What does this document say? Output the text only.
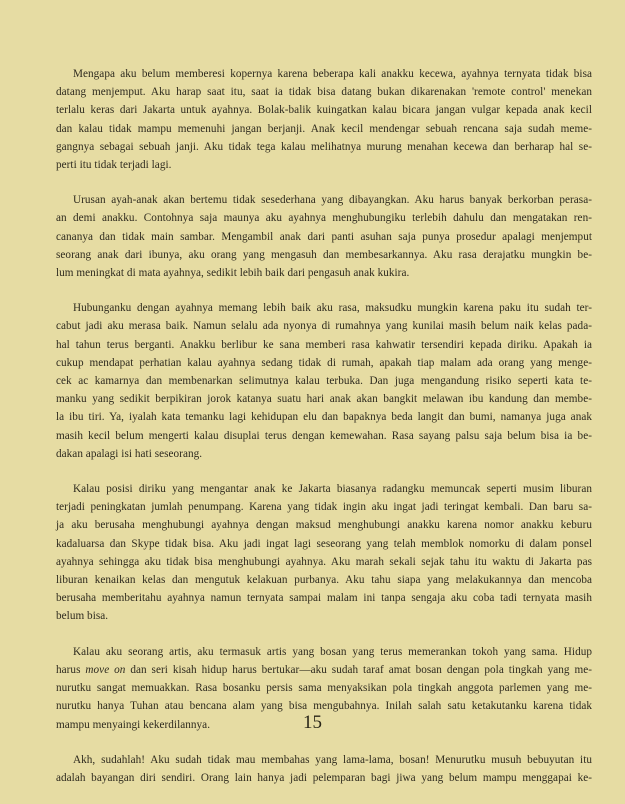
Mengapa aku belum memberesi kopernya karena beberapa kali anakku kecewa, ayahnya ternyata tidak bisa
datang menjemput. Aku harap saat itu, saat ia tidak bisa datang bukan dikarenakan 'remote control' menekan
terlalu keras dari Jakarta untuk ayahnya. Bolak-balik kuingatkan kalau bicara jangan vulgar kepada anak kecil
dan kalau tidak mampu memenuhi jangan berjanji. Anak kecil mendengar sebuah rencana saja sudah meme-
gangnya sebagai sebuah janji. Aku tidak tega kalau melihatnya murung menahan kecewa dan berharap hal se-
perti itu tidak terjadi lagi.

Urusan ayah-anak akan bertemu tidak sesederhana yang dibayangkan. Aku harus banyak berkorban perasa-
an demi anakku. Contohnya saja maunya aku ayahnya menghubungiku terlebih dahulu dan mengatakan ren-
cananya dan tidak main sambar. Mengambil anak dari panti asuhan saja punya prosedur apalagi menjemput
seorang anak dari ibunya, aku orang yang mengasuh dan membesarkannya. Aku rasa derajatku mungkin be-
lum meningkat di mata ayahnya, sedikit lebih baik dari pengasuh anak kukira.

Hubunganku dengan ayahnya memang lebih baik aku rasa, maksudku mungkin karena paku itu sudah ter-
cabut jadi aku merasa baik. Namun selalu ada nyonya di rumahnya yang kunilai masih belum naik kelas pada-
hal tahun terus berganti. Anakku berlibur ke sana memberi rasa kahwatir tersendiri kepada diriku. Apakah ia
cukup mendapat perhatian kalau ayahnya sedang tidak di rumah, apakah tiap malam ada orang yang menge-
cek ac kamarnya dan membenarkan selimutnya kalau terbuka. Dan juga mengandung risiko seperti kata te-
manku yang sedikit berpikiran jorok katanya suatu hari anak akan bangkit melawan ibu kandung dan membe-
la ibu tiri. Ya, iyalah kata temanku lagi kehidupan elu dan bapaknya beda langit dan bumi, namanya juga anak
masih kecil belum mengerti kalau disuplai terus dengan kemewahan. Rasa sayang palsu saja belum bisa ia be-
dakan apalagi isi hati seseorang.

Kalau posisi diriku yang mengantar anak ke Jakarta biasanya radangku memuncak seperti musim liburan
terjadi peningkatan jumlah penumpang. Karena yang tidak ingin aku ingat jadi teringat kembali. Dan baru sa-
ja aku berusaha menghubungi ayahnya dengan maksud menghubungi anakku karena nomor anakku keburu
kadaluarsa dan Skype tidak bisa. Aku jadi ingat lagi seseorang yang telah memblok nomorku di dalam ponsel
ayahnya sehingga aku tidak bisa menghubungi ayahnya. Aku marah sekali sejak tahu itu waktu di Jakarta pas
liburan kenaikan kelas dan mengutuk kelakuan purbanya. Aku tahu siapa yang melakukannya dan mencoba
berusaha memberitahu ayahnya namun ternyata sampai malam ini tanpa sengaja aku coba tadi ternyata masih
belum bisa.

Kalau aku seorang artis, aku termasuk artis yang bosan yang terus memerankan tokoh yang sama. Hidup
harus move on dan seri kisah hidup harus bertukar—aku sudah taraf amat bosan dengan pola tingkah yang me-
nurutku sangat memuakkan. Rasa bosanku persis sama menyaksikan pola tingkah anggota parlemen yang me-
nurutku hanya Tuhan atau bencana alam yang bisa mengubahnya. Inilah salah satu ketakutanku karena tidak
mampu menyaingi kekerdilannya.

Akh, sudahlah! Aku sudah tidak mau membahas yang lama-lama, bosan! Menurutku musuh bebuyutan itu
adalah bayangan diri sendiri. Orang lain hanya jadi pelemparan bagi jiwa yang belum mampu menggapai ke-

15
